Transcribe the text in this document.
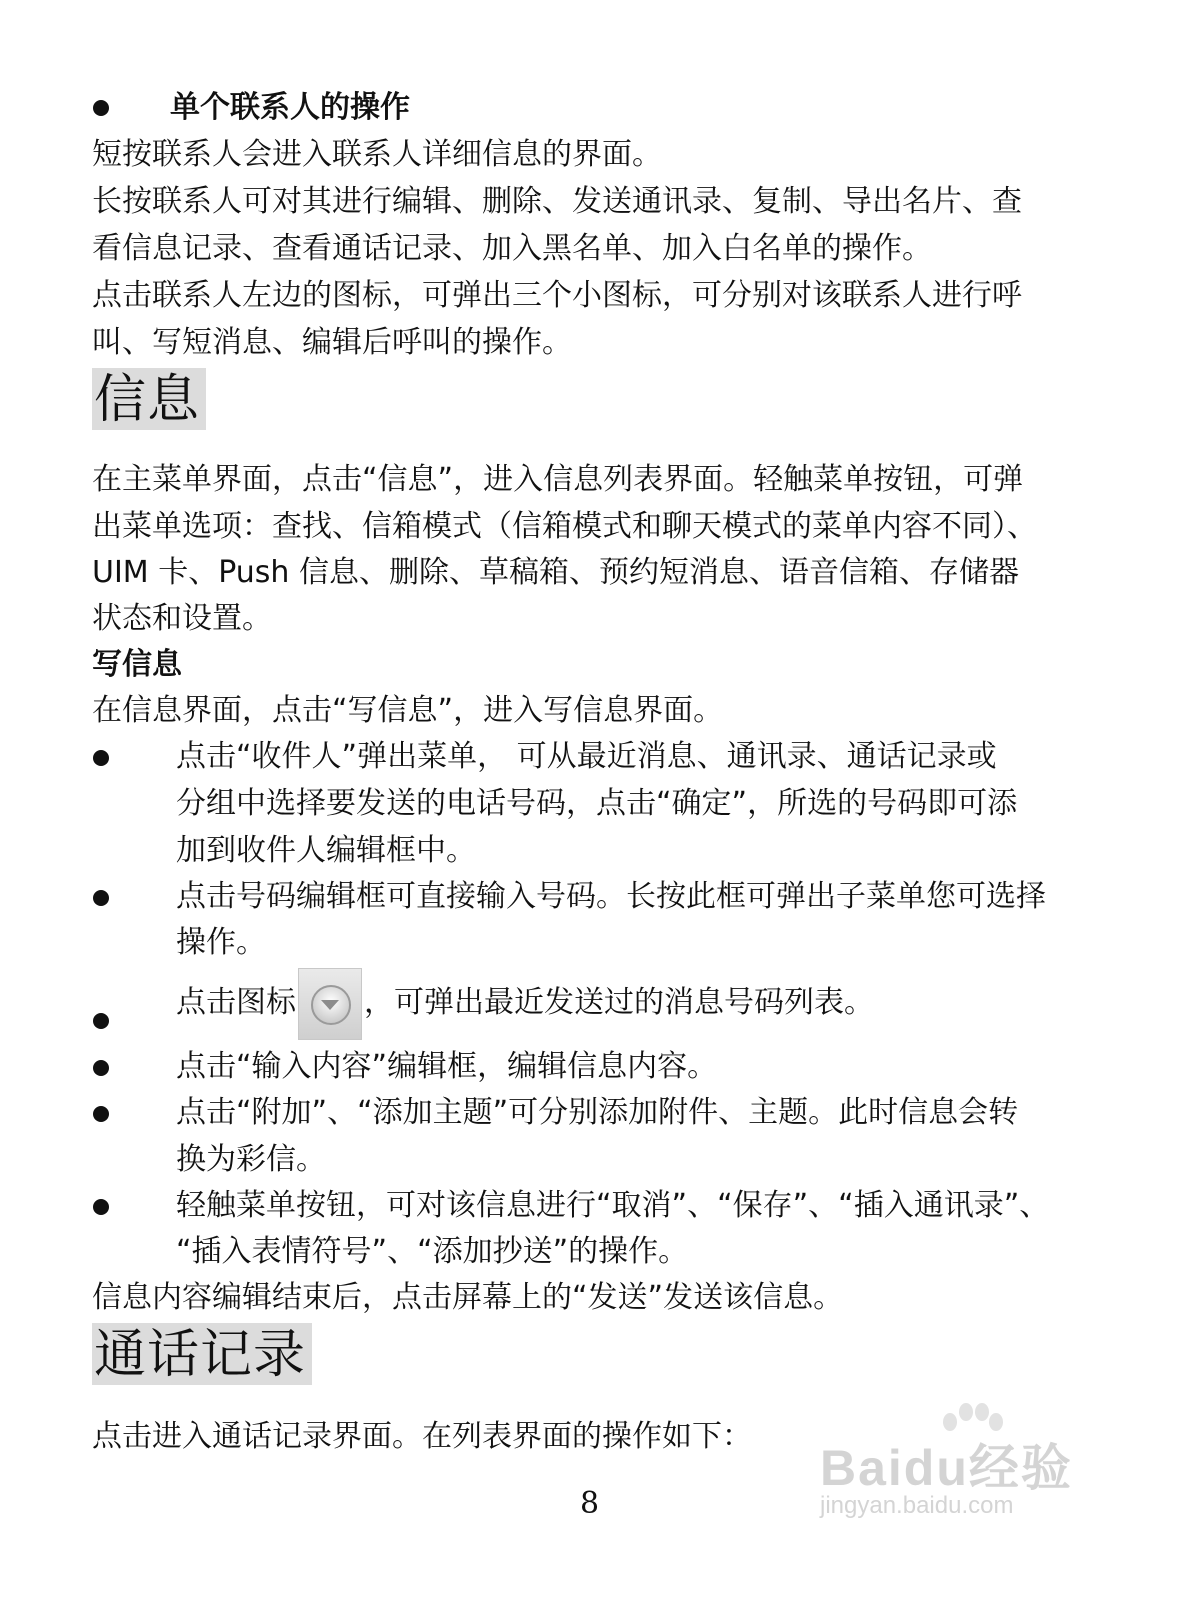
单个联系人的操作
短按联系人会进入联系人详细信息的界面。
长按联系人可对其进行编辑、删除、发送通讯录、复制、导出名片、查
看信息记录、查看通话记录、加入黑名单、加入白名单的操作。
点击联系人左边的图标，可弹出三个小图标，可分别对该联系人进行呼
叫、写短消息、编辑后呼叫的操作。
信息
在主菜单界面，点击“信息”，进入信息列表界面。轻触菜单按钮，可弹
出菜单选项：查找、信箱模式（信箱模式和聊天模式的菜单内容不同）、
UIM 卡、Push 信息、删除、草稿箱、预约短消息、语音信箱、存储器
状态和设置。
写信息
在信息界面，点击“写信息”，进入写信息界面。
点击“收件人”弹出菜单， 可从最近消息、通讯录、通话记录或
分组中选择要发送的电话号码，点击“确定”，所选的号码即可添
加到收件人编辑框中。
点击号码编辑框可直接输入号码。长按此框可弹出子菜单您可选择
操作。
点击图标 ，可弹出最近发送过的消息号码列表。
点击“输入内容”编辑框，编辑信息内容。
点击“附加”、“添加主题”可分别添加附件、主题。此时信息会转
换为彩信。
轻触菜单按钮，可对该信息进行“取消”、“保存”、“插入通讯录”、
“插入表情符号”、“添加抄送”的操作。
信息内容编辑结束后，点击屏幕上的“发送”发送该信息。
通话记录
点击进入通话记录界面。在列表界面的操作如下：
8
Baidu经验
jingyan.baidu.com
